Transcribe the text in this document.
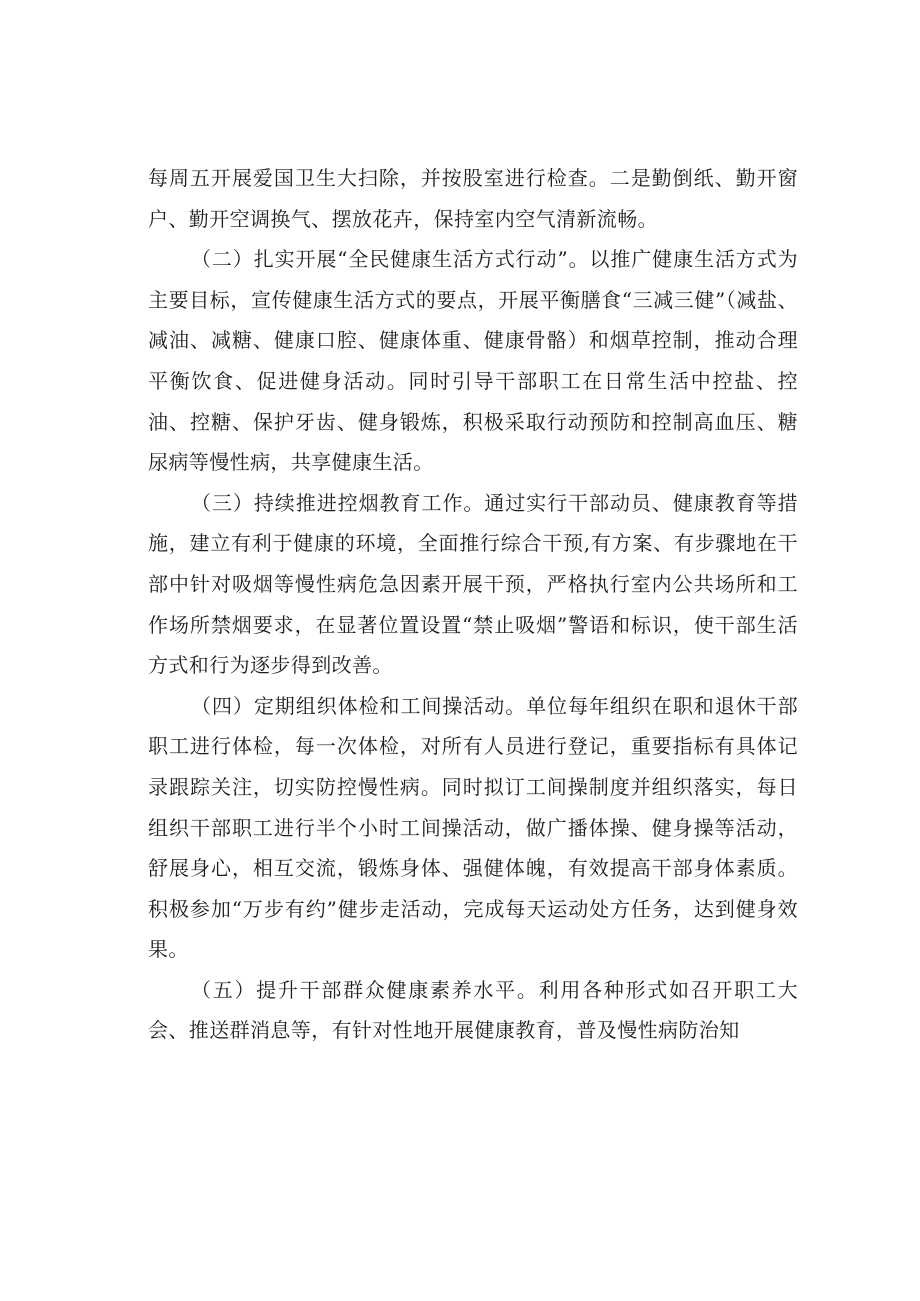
每周五开展爱国卫生大扫除，并按股室进行检查。二是勤倒纸、勤开窗户、勤开空调换气、摆放花卉，保持室内空气清新流畅。

（二）扎实开展“全民健康生活方式行动”。以推广健康生活方式为主要目标，宣传健康生活方式的要点，开展平衡膳食“三减三健”（减盐、减油、减糖、健康口腔、健康体重、健康骨骼）和烟草控制，推动合理平衡饮食、促进健身活动。同时引导干部职工在日常生活中控盐、控油、控糖、保护牙齿、健身锻炼，积极采取行动预防和控制高血压、糖尿病等慢性病，共享健康生活。

（三）持续推进控烟教育工作。通过实行干部动员、健康教育等措施，建立有利于健康的环境，全面推行综合干预,有方案、有步骤地在干部中针对吸烟等慢性病危急因素开展干预，严格执行室内公共场所和工作场所禁烟要求，在显著位置设置“禁止吸烟”警语和标识，使干部生活方式和行为逐步得到改善。

（四）定期组织体检和工间操活动。单位每年组织在职和退休干部职工进行体检，每一次体检，对所有人员进行登记，重要指标有具体记录跟踪关注，切实防控慢性病。同时拟订工间操制度并组织落实，每日组织干部职工进行半个小时工间操活动，做广播体操、健身操等活动，舒展身心，相互交流，锻炼身体、强健体魄，有效提高干部身体素质。积极参加“万步有约”健步走活动，完成每天运动处方任务，达到健身效果。

（五）提升干部群众健康素养水平。利用各种形式如召开职工大会、推送群消息等，有针对性地开展健康教育，普及慢性病防治知
